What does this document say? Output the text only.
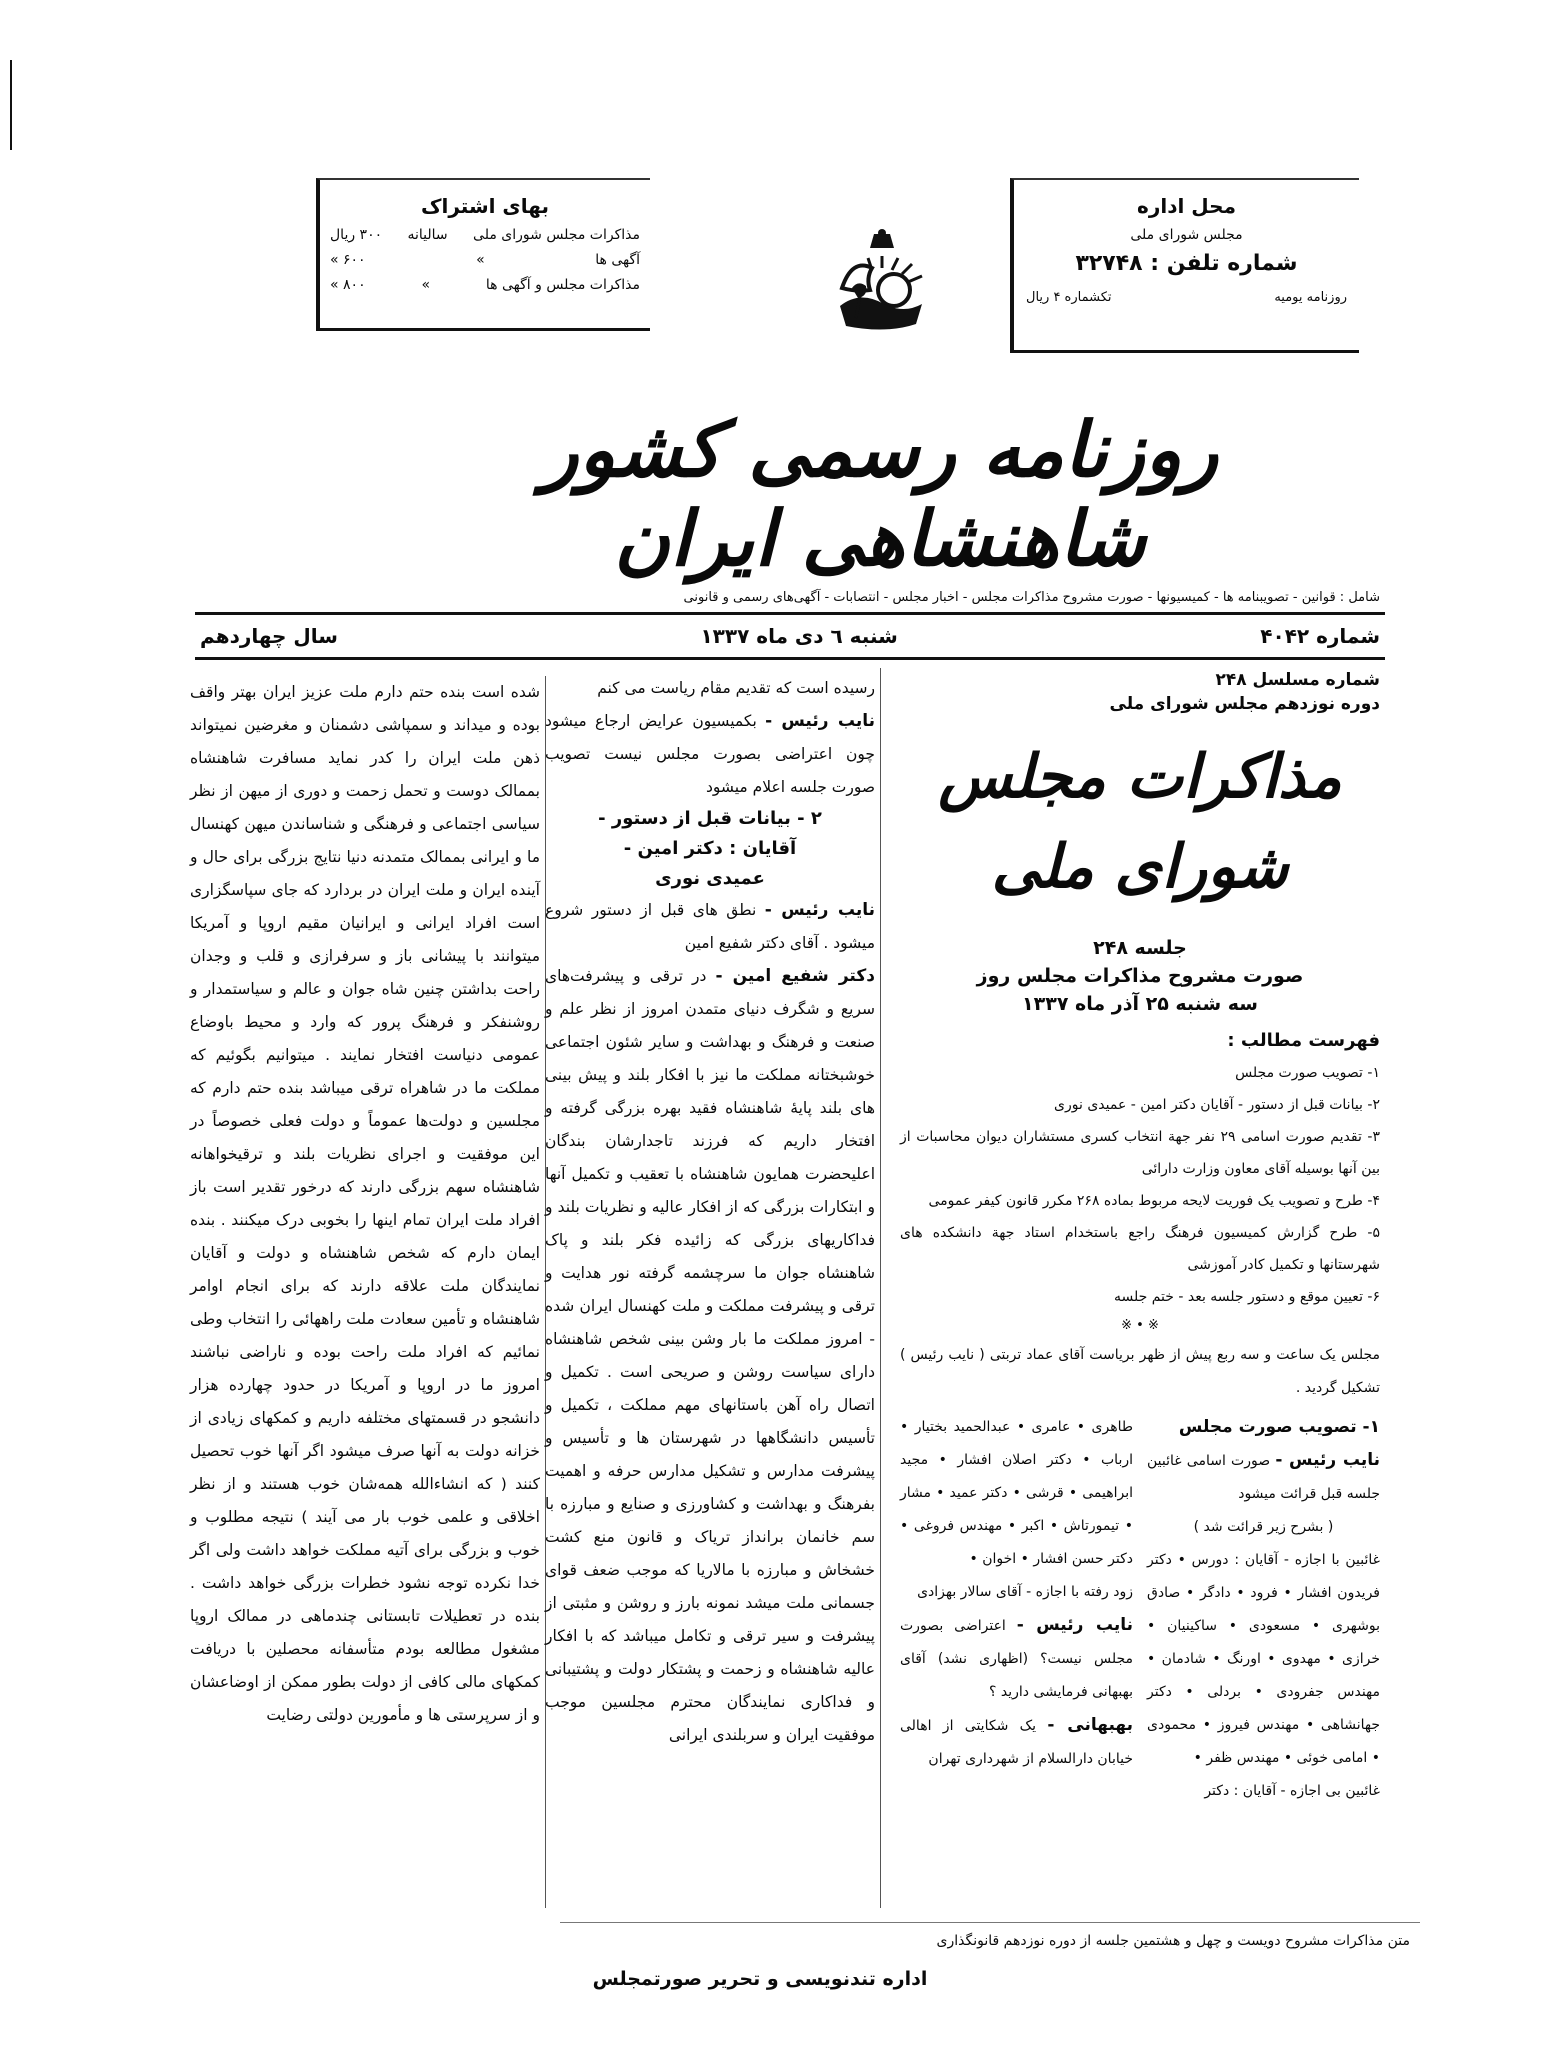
بهای اشتراک
مذاکرات مجلس شورای ملی
سالیانه
۳۰۰ ریال
آگهی ها
»
۶۰۰ »
مذاکرات مجلس و آگهی ها
»
۸۰۰ »
محل اداره
مجلس شورای ملی
شماره تلفن : ۳۲۷۴۸
روزنامه یومیه
تکشماره ۴ ریال
روزنامه رسمی کشور شاهنشاهی ایران
شامل : قوانین - تصویبنامه ها - کمیسیونها - صورت مشروح مذاکرات مجلس - اخبار مجلس - انتصابات - آگهی‌های رسمی و قانونی
شماره ۴۰۴۲
شنبه ٦ دی ماه ۱۳۳۷
سال چهاردهم
شماره مسلسل ۲۴۸
دوره نوزدهم مجلس شورای ملی
مذاکرات مجلس شورای ملی
جلسه ۲۴۸
صورت مشروح مذاکرات مجلس روز
سه شنبه ۲۵ آذر ماه ۱۳۳۷
فهرست مطالب :
۱- تصویب صورت مجلس
۲- بیانات قبل از دستور - آقایان دکتر امین - عمیدی نوری
۳- تقدیم صورت اسامی ۲۹ نفر جهة انتخاب کسری مستشاران دیوان محاسبات از بین آنها بوسیله آقای معاون وزارت دارائی
۴- طرح و تصویب یک فوریت لایحه مربوط بماده ۲۶۸ مکرر قانون کیفر عمومی
۵- طرح گزارش کمیسیون فرهنگ راجع باستخدام استاد جهة دانشکده های شهرستانها و تکمیل کادر آموزشی
۶- تعیین موقع و دستور جلسه بعد - ختم جلسه
※ • ※

مجلس یک ساعت و سه ربع پیش از ظهر بریاست آقای عماد تربتی ( نایب رئیس ) تشکیل گردید .

۱- تصویب صورت مجلس

نایب رئیس - صورت اسامی غائبین جلسه قبل قرائت میشود

( بشرح زیر قرائت شد )

غائبین با اجازه - آقایان : دورس • دکتر فریدون افشار • فرود • دادگر • صادق بوشهری • مسعودی • ساکینیان • خرازی • مهدوی • اورنگ • شادمان • مهندس جفرودی • بردلی • دکتر جهانشاهی • مهندس فیروز • محمودی • امامی خوئی • مهندس ظفر •

غائبین بی اجازه - آقایان : دکتر

طاهری • عامری • عبدالحمید بختیار • ارباب • دکتر اصلان افشار • مجید ابراهیمی • قرشی • دکتر عمید • مشار • تیمورتاش • اکبر • مهندس فروغی • دکتر حسن افشار • اخوان •

زود رفته با اجازه - آقای سالار بهزادی

نایب رئیس - اعتراضی بصورت مجلس نیست؟ (اظهاری نشد) آقای بهبهانی فرمایشی دارید ؟

بهبهانی - یک شکایتی از اهالی خیابان دارالسلام از شهرداری تهران

رسیده است که تقدیم مقام ریاست می کنم

نایب رئیس - بکمیسیون عرایض ارجاع میشود چون اعتراضی بصورت مجلس نیست تصویب صورت جلسه اعلام میشود

۲ - بیانات قبل از دستور -
آقایان : دکتر امین -
عمیدی نوری

نایب رئیس - نطق های قبل از دستور شروع میشود . آقای دکتر شفیع امین

دکتر شفیع امین - در ترقی و پیشرفت‌های سریع و شگرف دنیای متمدن امروز از نظر علم و صنعت و فرهنگ و بهداشت و سایر شئون اجتماعی خوشبختانه مملکت ما نیز با افکار بلند و پیش بینی های بلند پایهٔ شاهنشاه فقید بهره بزرگی گرفته و افتخار داریم که فرزند تاجدارشان بندگان اعلیحضرت همایون شاهنشاه با تعقیب و تکمیل آنها و ابتکارات بزرگی که از افکار عالیه و نظریات بلند و فداکاریهای بزرگی که زائیده فکر بلند و پاک شاهنشاه جوان ما سرچشمه گرفته نور هدایت و ترقی و پیشرفت مملکت و ملت کهنسال ایران شده - امروز مملکت ما بار وشن بینی شخص شاهنشاه دارای سیاست روشن و صریحی است . تکمیل و اتصال راه آهن باستانهای مهم مملکت ، تکمیل و تأسیس دانشگاهها در شهرستان ها و تأسیس و پیشرفت مدارس و تشکیل مدارس حرفه و اهمیت بفرهنگ و بهداشت و کشاورزی و صنایع و مبارزه با سم خانمان برانداز تریاک و قانون منع کشت خشخاش و مبارزه با مالاریا که موجب ضعف قوای جسمانی ملت میشد نمونه بارز و روشن و مثبتی از پیشرفت و سیر ترقی و تکامل میباشد که با افکار عالیه شاهنشاه و زحمت و پشتکار دولت و پشتیبانی و فداکاری نمایندگان محترم مجلسین موجب موفقیت ایران و سربلندی ایرانی

شده است بنده حتم دارم ملت عزیز ایران بهتر واقف بوده و میداند و سمپاشی دشمنان و مغرضین نمیتواند ذهن ملت ایران را کدر نماید مسافرت شاهنشاه بممالک دوست و تحمل زحمت و دوری از میهن از نظر سیاسی اجتماعی و فرهنگی و شناساندن میهن کهنسال ما و ایرانی بممالک متمدنه دنیا نتایج بزرگی برای حال و آینده ایران و ملت ایران در بردارد که جای سپاسگزاری است افراد ایرانی و ایرانیان مقیم اروپا و آمریکا میتوانند با پیشانی باز و سرفرازی و قلب و وجدان راحت بداشتن چنین شاه جوان و عالم و سیاستمدار و روشنفکر و فرهنگ پرور که وارد و محیط باوضاع عمومی دنیاست افتخار نمایند . میتوانیم بگوئیم که مملکت ما در شاهراه ترقی میباشد بنده حتم دارم که مجلسین و دولت‌ها عموماً و دولت فعلی خصوصاً در این موفقیت و اجرای نظریات بلند و ترقیخواهانه شاهنشاه سهم بزرگی دارند که درخور تقدیر است باز افراد ملت ایران تمام اینها را بخوبی درک میکنند . بنده ایمان دارم که شخص شاهنشاه و دولت و آقایان نمایندگان ملت علاقه دارند که برای انجام اوامر شاهنشاه و تأمین سعادت ملت راههائی را انتخاب وطی نمائیم که افراد ملت راحت بوده و ناراضی نباشند امروز ما در اروپا و آمریکا در حدود چهارده هزار دانشجو در قسمتهای مختلفه داریم و کمکهای زیادی از خزانه دولت به آنها صرف میشود اگر آنها خوب تحصیل کنند ( که انشاءالله همه‌شان خوب هستند و از نظر اخلاقی و علمی خوب بار می آیند ) نتیجه مطلوب و خوب و بزرگی برای آتیه مملکت خواهد داشت ولی اگر خدا نکرده توجه نشود خطرات بزرگی خواهد داشت . بنده در تعطیلات تابستانی چندماهی در ممالک اروپا مشغول مطالعه بودم متأسفانه محصلین با دریافت کمکهای مالی کافی از دولت بطور ممکن از اوضاعشان و از سرپرستی ها و مأمورین دولتی رضایت

متن مذاکرات مشروح دویست و چهل و هشتمین جلسه از دوره نوزدهم قانونگذاری
اداره تندنویسی و تحریر صورتمجلس
